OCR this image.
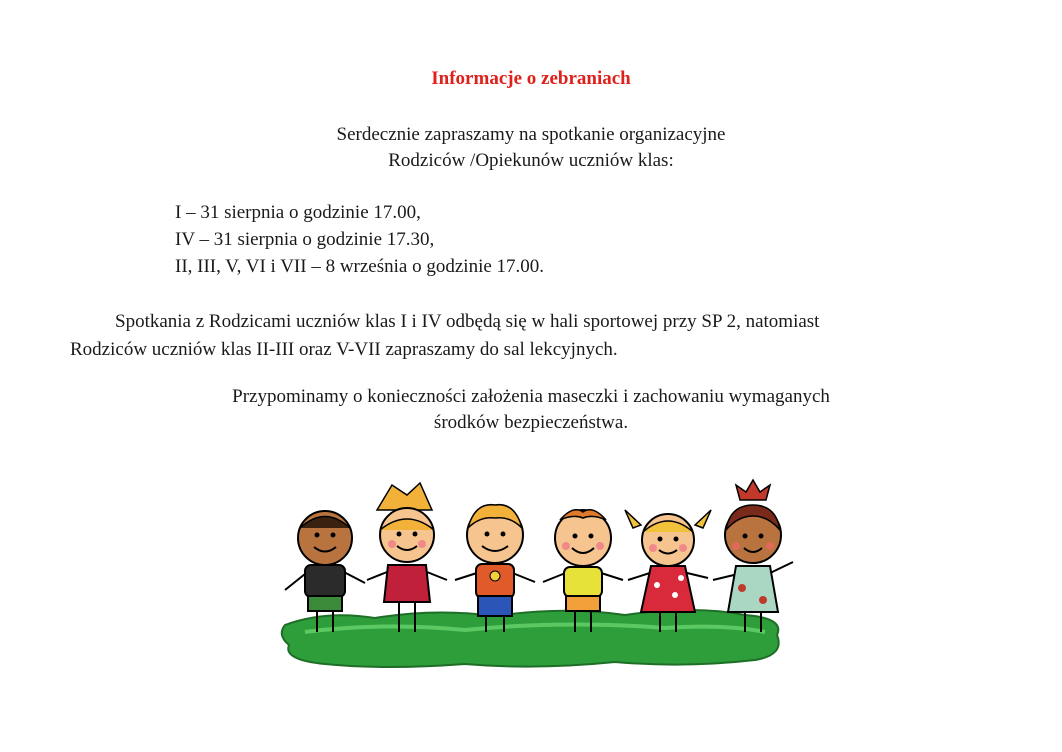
Informacje o zebraniach
Serdecznie zapraszamy na spotkanie organizacyjne
Rodziców /Opiekunów uczniów klas:
I – 31 sierpnia o godzinie 17.00,
IV – 31 sierpnia o godzinie 17.30,
II, III, V, VI i VII – 8 września o godzinie 17.00.
Spotkania z Rodzicami uczniów klas I i IV odbędą się w hali sportowej przy SP 2, natomiast
Rodziców uczniów klas II-III oraz V-VII zapraszamy do sal lekcyjnych.
Przypominamy o konieczności założenia maseczki i zachowaniu wymaganych
środków bezpieczeństwa.
